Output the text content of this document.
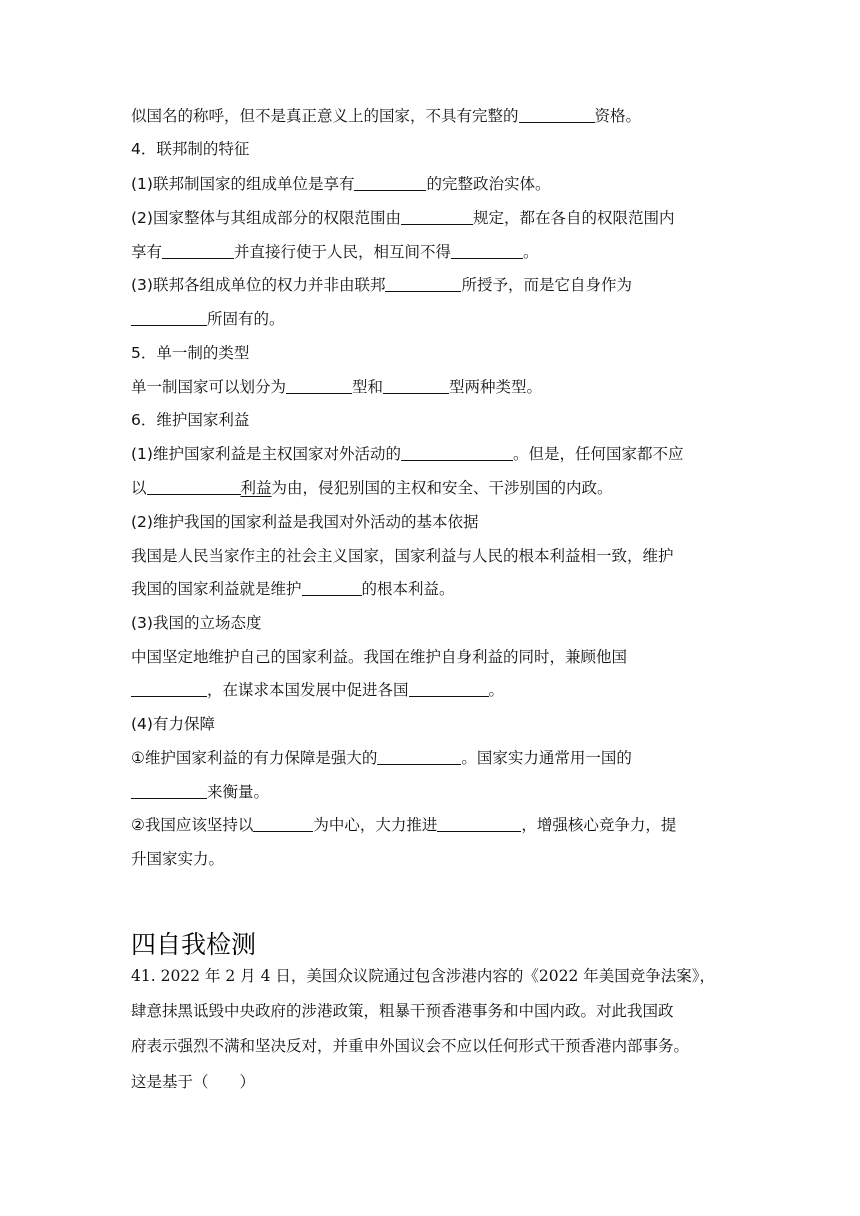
似国名的称呼，但不是真正意义上的国家，不具有完整的	资格。
4．联邦制的特征
(1)联邦制国家的组成单位是享有	的完整政治实体。
(2)国家整体与其组成部分的权限范围由	规定，都在各自的权限范围内
享有	并直接行使于人民，相互间不得	。
(3)联邦各组成单位的权力并非由联邦	所授予，而是它自身作为
所固有的。
5．单一制的类型
单一制国家可以划分为	型和	型两种类型。
6．维护国家利益
(1)维护国家利益是主权国家对外活动的	。但是，任何国家都不应
以	利益为由，侵犯别国的主权和安全、干涉别国的内政。
(2)维护我国的国家利益是我国对外活动的基本依据
我国是人民当家作主的社会主义国家，国家利益与人民的根本利益相一致，维护
我国的国家利益就是维护	的根本利益。
(3)我国的立场态度
中国坚定地维护自己的国家利益。我国在维护自身利益的同时，兼顾他国
，在谋求本国发展中促进各国	。
(4)有力保障
①维护国家利益的有力保障是强大的	。国家实力通常用一国的
来衡量。
②我国应该坚持以	为中心，大力推进	，增强核心竞争力，提
升国家实力。
四自我检测
41. 2022 年 2 月 4 日，美国众议院通过包含涉港内容的《2022 年美国竞争法案》，
肆意抹黑诋毁中央政府的涉港政策，粗暴干预香港事务和中国内政。对此我国政
府表示强烈不满和坚决反对，并重申外国议会不应以任何形式干预香港内部事务。
这是基于（　　）
